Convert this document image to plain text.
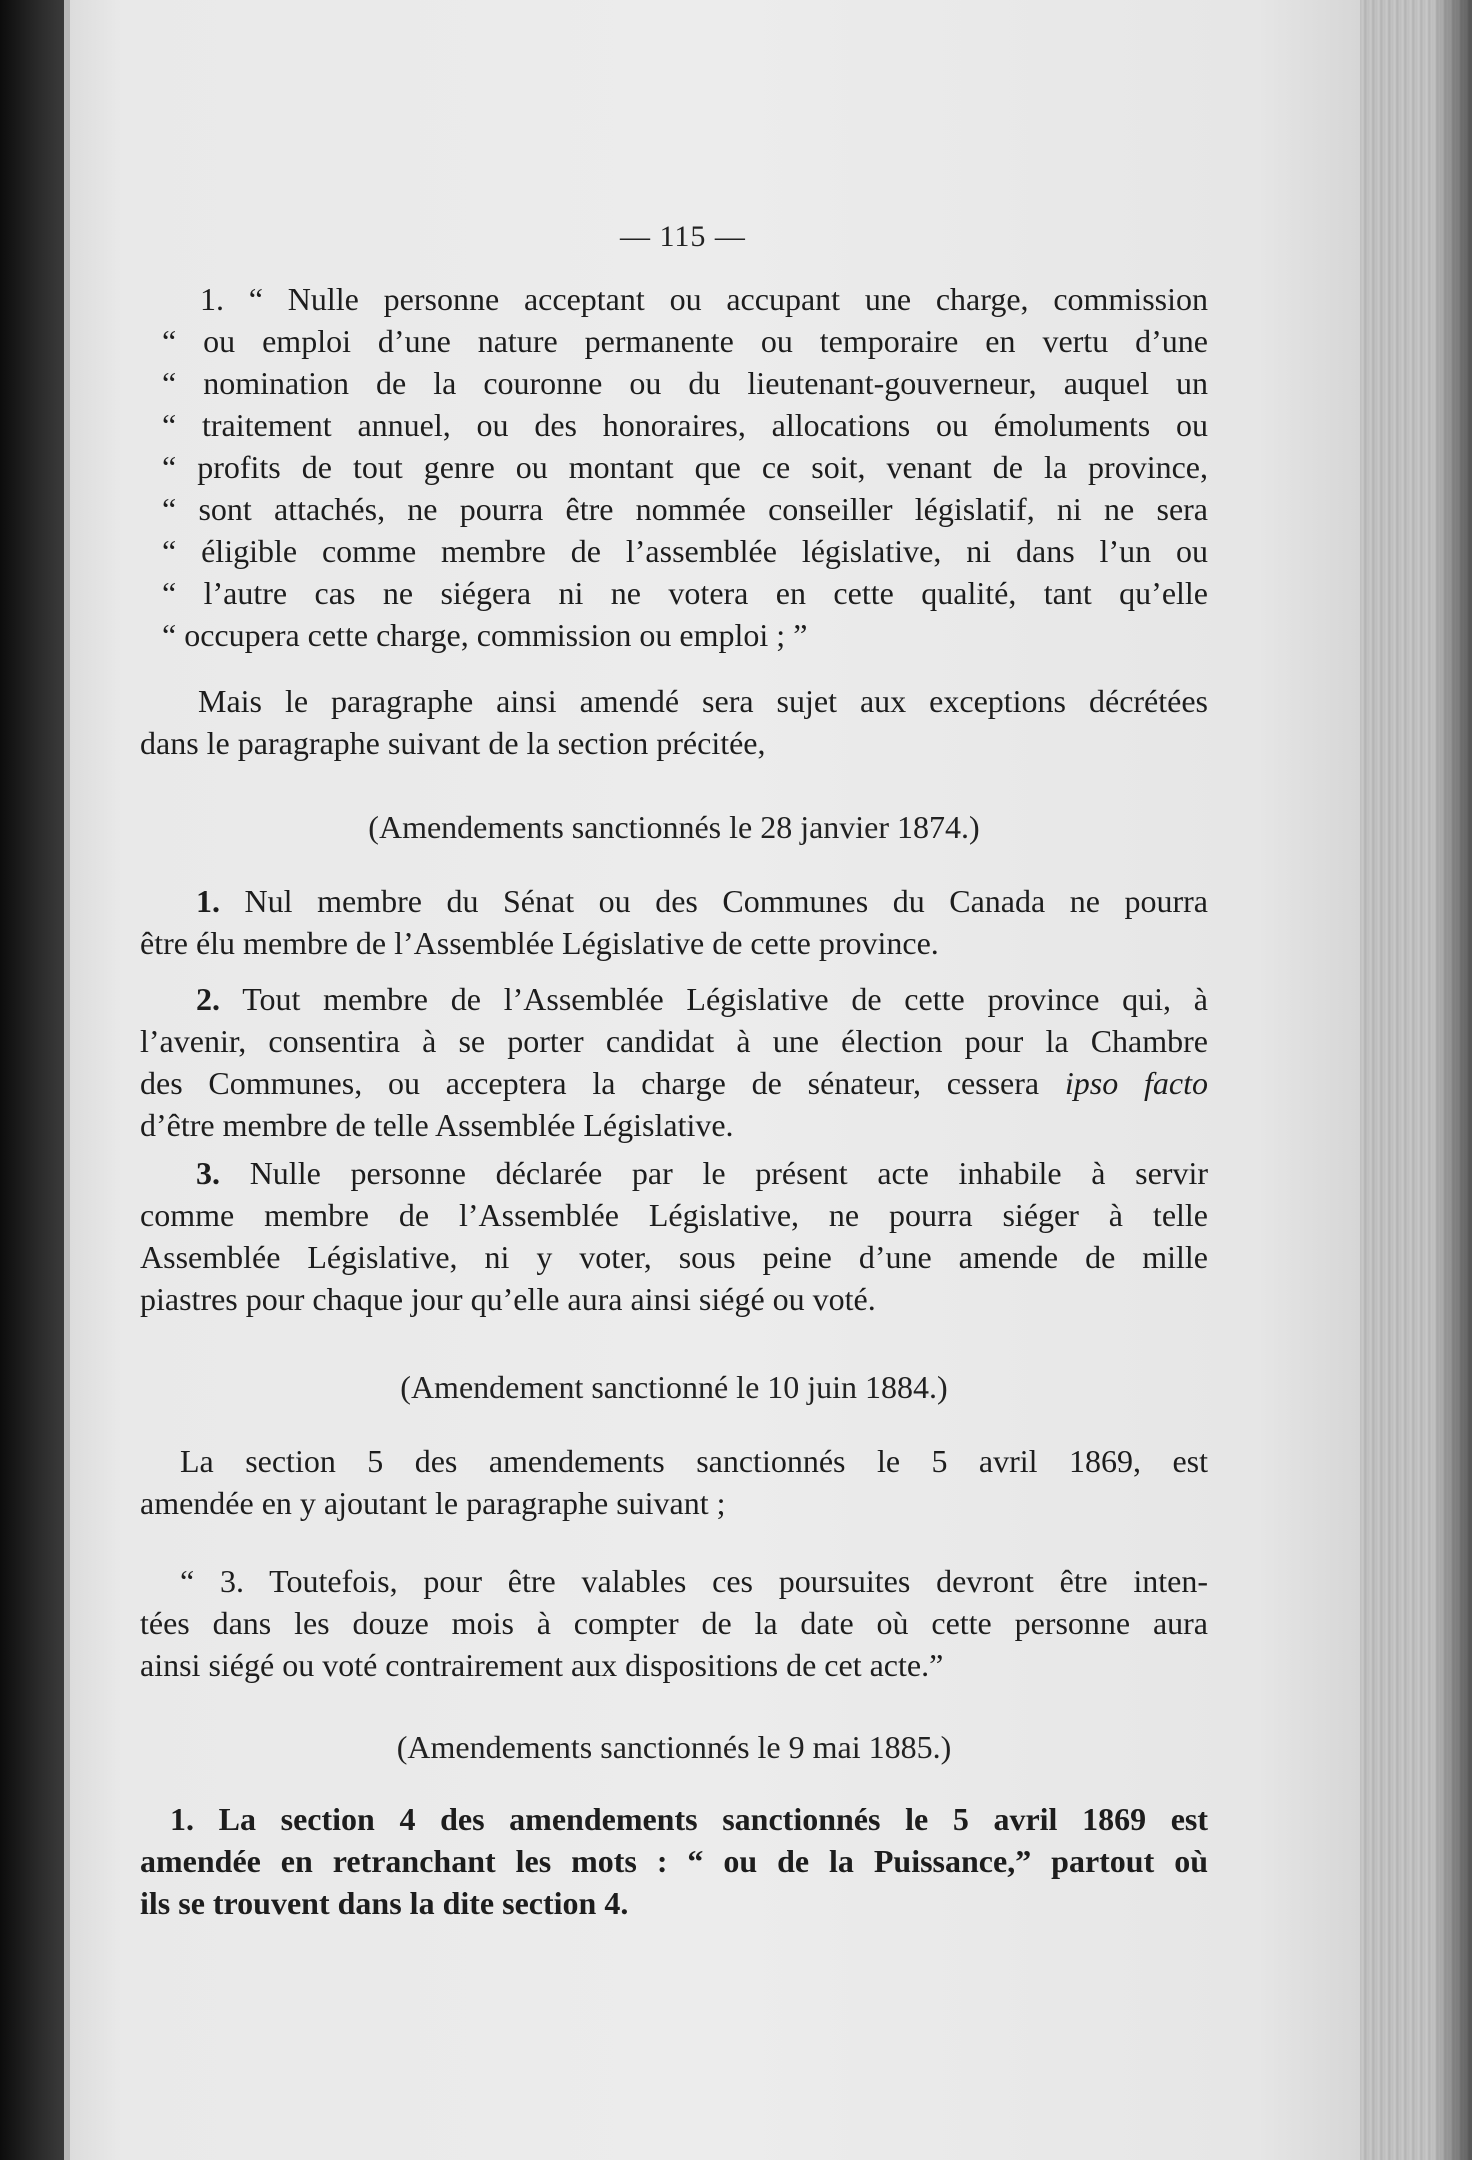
— 115 —
1. “ Nulle personne acceptant ou accupant une charge, commission
“ ou emploi d’une nature permanente ou temporaire en vertu d’une
“ nomination de la couronne ou du lieutenant-gouverneur, auquel un
“ traitement annuel, ou des honoraires, allocations ou émoluments ou
“ profits de tout genre ou montant que ce soit, venant de la province,
“ sont attachés, ne pourra être nommée conseiller législatif, ni ne sera
“ éligible comme membre de l’assemblée législative, ni dans l’un ou
“ l’autre cas ne siégera ni ne votera en cette qualité, tant qu’elle
“ occupera cette charge, commission ou emploi ; ”
Mais le paragraphe ainsi amendé sera sujet aux exceptions décrétées
dans le paragraphe suivant de la section précitée,
(Amendements sanctionnés le 28 janvier 1874.)
1. Nul membre du Sénat ou des Communes du Canada ne pourra
être élu membre de l’Assemblée Législative de cette province.
2. Tout membre de l’Assemblée Législative de cette province qui, à
l’avenir, consentira à se porter candidat à une élection pour la Chambre
des Communes, ou acceptera la charge de sénateur, cessera ipso facto
d’être membre de telle Assemblée Législative.
3. Nulle personne déclarée par le présent acte inhabile à servir
comme membre de l’Assemblée Législative, ne pourra siéger à telle
Assemblée Législative, ni y voter, sous peine d’une amende de mille
piastres pour chaque jour qu’elle aura ainsi siégé ou voté.
(Amendement sanctionné le 10 juin 1884.)
La section 5 des amendements sanctionnés le 5 avril 1869, est
amendée en y ajoutant le paragraphe suivant ;
“ 3. Toutefois, pour être valables ces poursuites devront être inten-
tées dans les douze mois à compter de la date où cette personne aura
ainsi siégé ou voté contrairement aux dispositions de cet acte.”
(Amendements sanctionnés le 9 mai 1885.)
1. La section 4 des amendements sanctionnés le 5 avril 1869 est
amendée en retranchant les mots : “ ou de la Puissance,” partout où
ils se trouvent dans la dite section 4.
